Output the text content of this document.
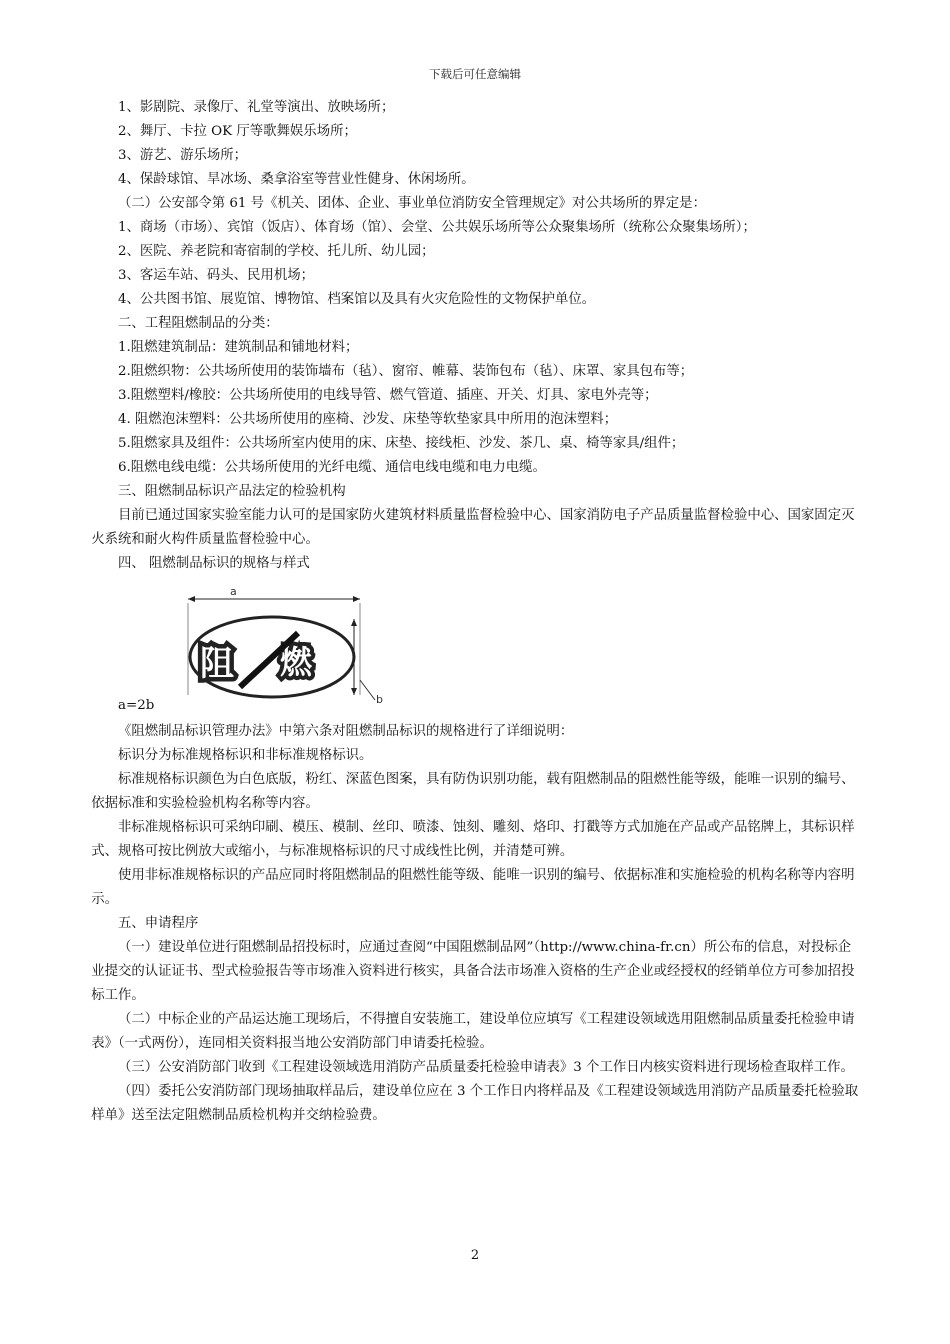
下载后可任意编辑

1、影剧院、录像厅、礼堂等演出、放映场所；

2、舞厅、卡拉 OK 厅等歌舞娱乐场所；

3、游艺、游乐场所；

4、保龄球馆、旱冰场、桑拿浴室等营业性健身、休闲场所。

（二）公安部令第 61 号《机关、团体、企业、事业单位消防安全管理规定》对公共场所的界定是：

1、商场（市场）、宾馆（饭店）、体育场（馆）、会堂、公共娱乐场所等公众聚集场所（统称公众聚集场所）；

2、医院、养老院和寄宿制的学校、托儿所、幼儿园；

3、客运车站、码头、民用机场；

4、公共图书馆、展览馆、博物馆、档案馆以及具有火灾危险性的文物保护单位。

二、工程阻燃制品的分类：

1.阻燃建筑制品：建筑制品和铺地材料；

2.阻燃织物：公共场所使用的装饰墙布（毡）、窗帘、帷幕、装饰包布（毡）、床罩、家具包布等；

3.阻燃塑料/橡胶：公共场所使用的电线导管、燃气管道、插座、开关、灯具、家电外壳等；

4. 阻燃泡沫塑料：公共场所使用的座椅、沙发、床垫等软垫家具中所用的泡沫塑料；

5.阻燃家具及组件：公共场所室内使用的床、床垫、接线柜、沙发、茶几、桌、椅等家具/组件；

6.阻燃电线电缆：公共场所使用的光纤电缆、通信电线电缆和电力电缆。

三、阻燃制品标识产品法定的检验机构

目前已通过国家实验室能力认可的是国家防火建筑材料质量监督检验中心、国家消防电子产品质量监督检验中心、国家固定灭火系统和耐火构件质量监督检验中心。

四、 阻燃制品标识的规格与样式

a
b
阻 燃
a=2b

《阻燃制品标识管理办法》中第六条对阻燃制品标识的规格进行了详细说明：

标识分为标准规格标识和非标准规格标识。

标准规格标识颜色为白色底版，粉红、深蓝色图案，具有防伪识别功能，载有阻燃制品的阻燃性能等级，能唯一识别的编号、依据标准和实验检验机构名称等内容。

非标准规格标识可采纳印刷、模压、模制、丝印、喷漆、蚀刻、雕刻、烙印、打戳等方式加施在产品或产品铭牌上，其标识样式、规格可按比例放大或缩小，与标准规格标识的尺寸成线性比例，并清楚可辨。

使用非标准规格标识的产品应同时将阻燃制品的阻燃性能等级、能唯一识别的编号、依据标准和实施检验的机构名称等内容明示。

五、申请程序

（一）建设单位进行阻燃制品招投标时，应通过查阅“中国阻燃制品网”（http://www.china-fr.cn）所公布的信息，对投标企业提交的认证证书、型式检验报告等市场准入资料进行核实，具备合法市场准入资格的生产企业或经授权的经销单位方可参加招投标工作。

（二）中标企业的产品运达施工现场后，不得擅自安装施工，建设单位应填写《工程建设领域选用阻燃制品质量委托检验申请表》（一式两份），连同相关资料报当地公安消防部门申请委托检验。

（三）公安消防部门收到《工程建设领域选用消防产品质量委托检验申请表》3 个工作日内核实资料进行现场检查取样工作。

（四）委托公安消防部门现场抽取样品后，建设单位应在 3 个工作日内将样品及《工程建设领域选用消防产品质量委托检验取样单》送至法定阻燃制品质检机构并交纳检验费。

2
